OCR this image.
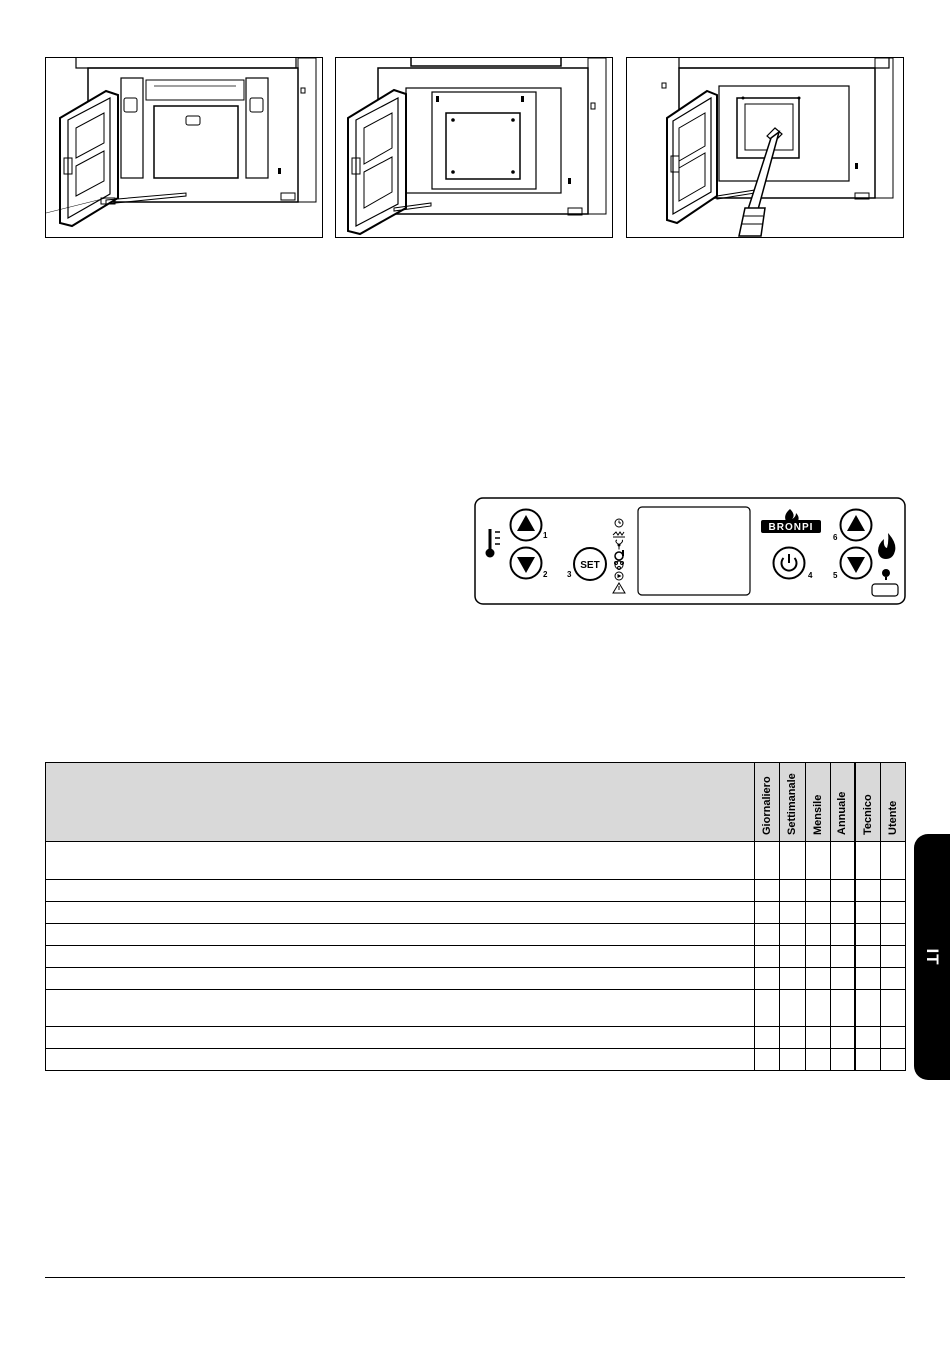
1
2
SET
3
BRONPI
4
6
5

	Giornaliero	Settimanale	Mensile	Annuale	Tecnico	Utente

IT
